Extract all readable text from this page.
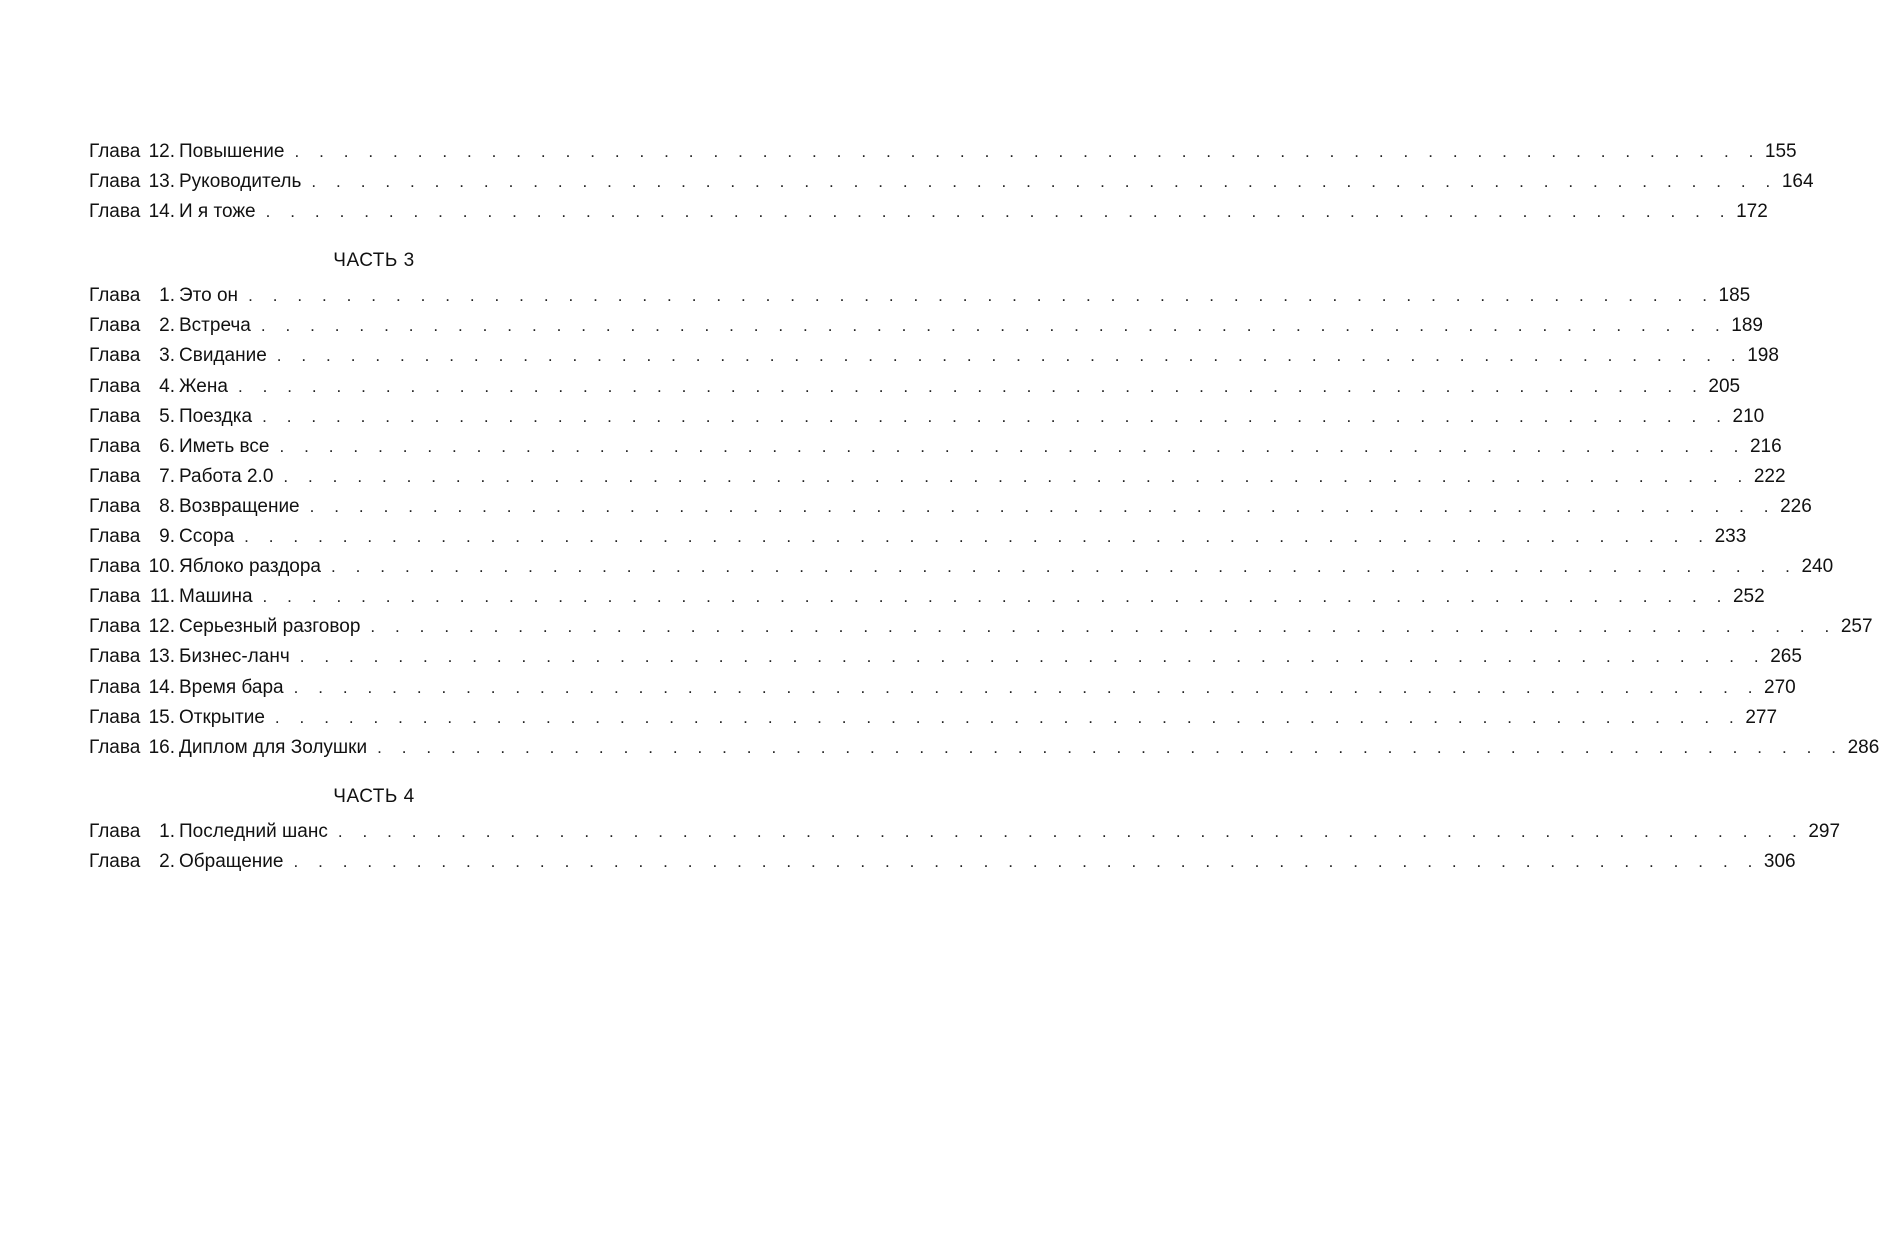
Глава 12. Повышение . . . . . . . . . . . . . . . . . . . . . . . . . . . . . . . . . . . . . . . . . . . . . . . . . . . . . . . . . . . . 155
Глава 13. Руководитель . . . . . . . . . . . . . . . . . . . . . . . . . . . . . . . . . . . . . . . . . . . . . . . . . . . . . . . . . . . . 164
Глава 14. И я тоже . . . . . . . . . . . . . . . . . . . . . . . . . . . . . . . . . . . . . . . . . . . . . . . . . . . . . . . . . . . . 172
ЧАСТЬ 3
Глава 1. Это он . . . . . . . . . . . . . . . . . . . . . . . . . . . . . . . . . . . . . . . . . . . . . . . . . . . . . . . . . . . . 185
Глава 2. Встреча . . . . . . . . . . . . . . . . . . . . . . . . . . . . . . . . . . . . . . . . . . . . . . . . . . . . . . . . . . . . 189
Глава 3. Свидание . . . . . . . . . . . . . . . . . . . . . . . . . . . . . . . . . . . . . . . . . . . . . . . . . . . . . . . . . . . . 198
Глава 4. Жена . . . . . . . . . . . . . . . . . . . . . . . . . . . . . . . . . . . . . . . . . . . . . . . . . . . . . . . . . . . . 205
Глава 5. Поездка . . . . . . . . . . . . . . . . . . . . . . . . . . . . . . . . . . . . . . . . . . . . . . . . . . . . . . . . . . . . 210
Глава 6. Иметь все . . . . . . . . . . . . . . . . . . . . . . . . . . . . . . . . . . . . . . . . . . . . . . . . . . . . . . . . . . . . 216
Глава 7. Работа 2.0 . . . . . . . . . . . . . . . . . . . . . . . . . . . . . . . . . . . . . . . . . . . . . . . . . . . . . . . . . . . . 222
Глава 8. Возвращение . . . . . . . . . . . . . . . . . . . . . . . . . . . . . . . . . . . . . . . . . . . . . . . . . . . . . . . . . . . . 226
Глава 9. Ссора . . . . . . . . . . . . . . . . . . . . . . . . . . . . . . . . . . . . . . . . . . . . . . . . . . . . . . . . . . . . 233
Глава 10. Яблоко раздора . . . . . . . . . . . . . . . . . . . . . . . . . . . . . . . . . . . . . . . . . . . . . . . . . . . . . . . . . . . . 240
Глава 11. Машина . . . . . . . . . . . . . . . . . . . . . . . . . . . . . . . . . . . . . . . . . . . . . . . . . . . . . . . . . . . . 252
Глава 12. Серьезный разговор . . . . . . . . . . . . . . . . . . . . . . . . . . . . . . . . . . . . . . . . . . . . . . . . . . . . . . . . . . . . 257
Глава 13. Бизнес-ланч . . . . . . . . . . . . . . . . . . . . . . . . . . . . . . . . . . . . . . . . . . . . . . . . . . . . . . . . . . . . 265
Глава 14. Время бара . . . . . . . . . . . . . . . . . . . . . . . . . . . . . . . . . . . . . . . . . . . . . . . . . . . . . . . . . . . . 270
Глава 15. Открытие . . . . . . . . . . . . . . . . . . . . . . . . . . . . . . . . . . . . . . . . . . . . . . . . . . . . . . . . . . . . 277
Глава 16. Диплом для Золушки . . . . . . . . . . . . . . . . . . . . . . . . . . . . . . . . . . . . . . . . . . . . . . . . . . . . . . . . . . . . 286
ЧАСТЬ 4
Глава 1. Последний шанс . . . . . . . . . . . . . . . . . . . . . . . . . . . . . . . . . . . . . . . . . . . . . . . . . . . . . . . . . . . . 297
Глава 2. Обращение . . . . . . . . . . . . . . . . . . . . . . . . . . . . . . . . . . . . . . . . . . . . . . . . . . . . . . . . . . . . 306
